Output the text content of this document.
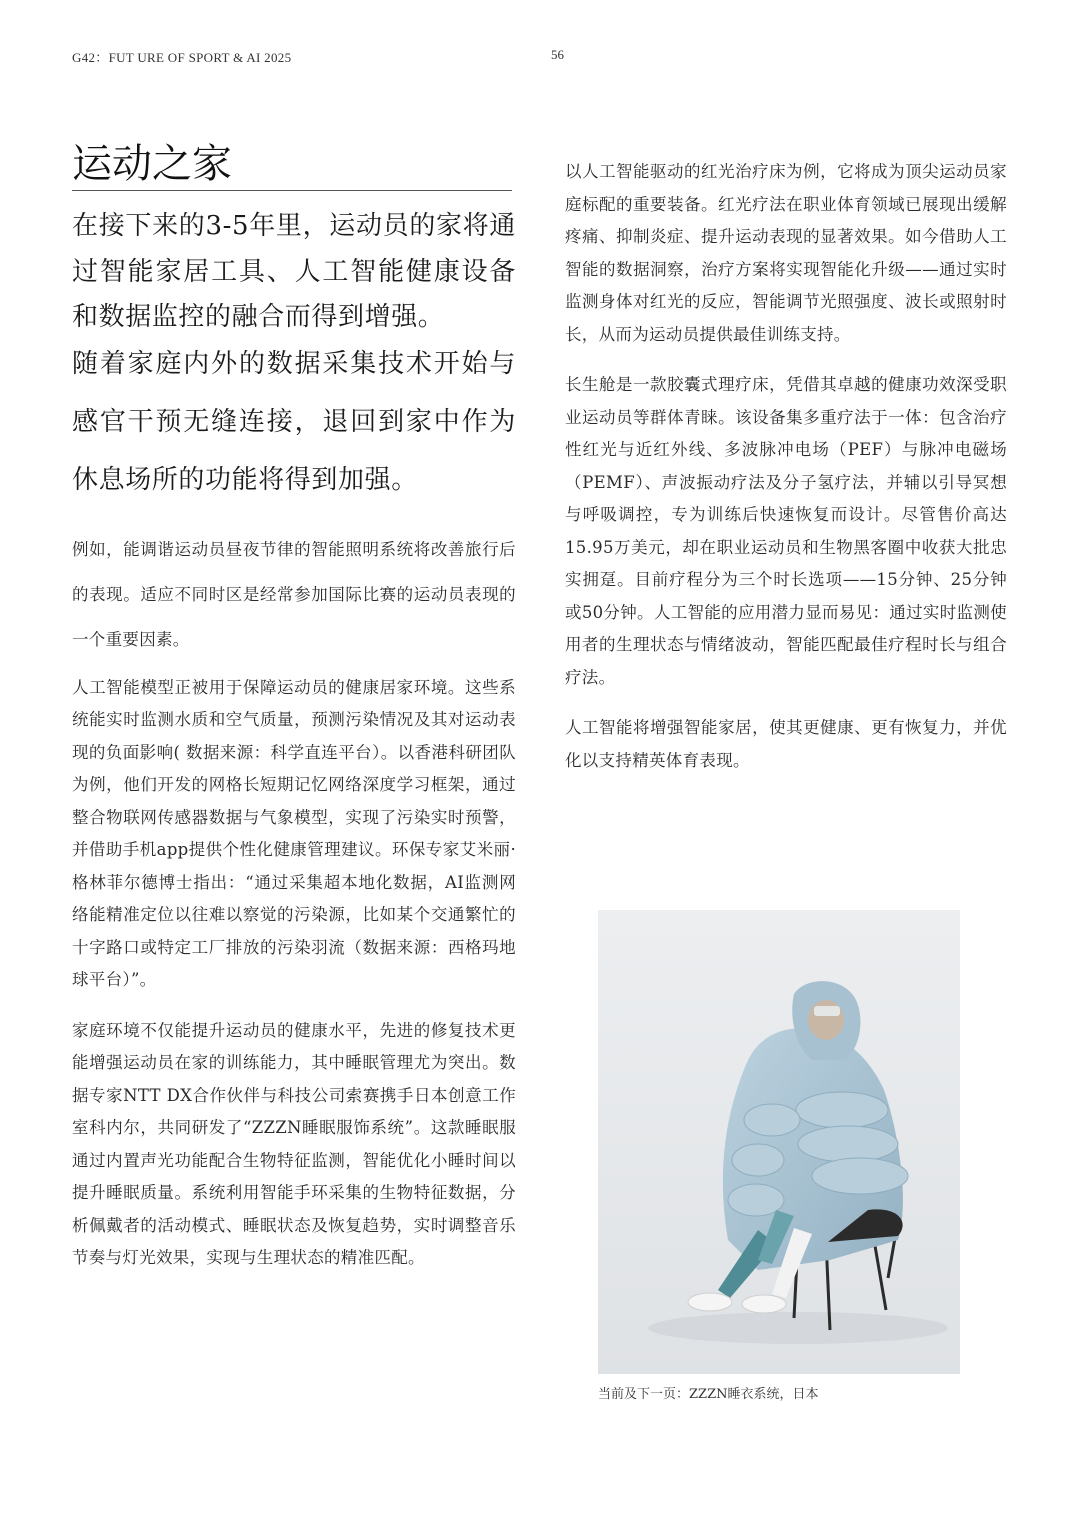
G42：FUT URE OF SPORT & AI 2025	56
运动之家

在接下来的3-5年里，运动员的家将通过智能家居工具、人工智能健康设备和数据监控的融合而得到增强。

随着家庭内外的数据采集技术开始与感官干预无缝连接，退回到家中作为休息场所的功能将得到加强。

例如，能调谐运动员昼夜节律的智能照明系统将改善旅行后的表现。适应不同时区是经常参加国际比赛的运动员表现的一个重要因素。

人工智能模型正被用于保障运动员的健康居家环境。这些系统能实时监测水质和空气质量，预测污染情况及其对运动表现的负面影响( 数据来源：科学直连平台）。以香港科研团队为例，他们开发的网格长短期记忆网络深度学习框架，通过整合物联网传感器数据与气象模型，实现了污染实时预警，并借助手机app提供个性化健康管理建议。环保专家艾米丽·格林菲尔德博士指出：“通过采集超本地化数据，AI监测网络能精准定位以往难以察觉的污染源，比如某个交通繁忙的十字路口或特定工厂排放的污染羽流（数据来源：西格玛地球平台）”。

家庭环境不仅能提升运动员的健康水平，先进的修复技术更能增强运动员在家的训练能力，其中睡眠管理尤为突出。数据专家NTT DX合作伙伴与科技公司索赛携手日本创意工作室科内尔，共同研发了“ZZZN睡眠服饰系统”。这款睡眠服通过内置声光功能配合生物特征监测，智能优化小睡时间以提升睡眠质量。系统利用智能手环采集的生物特征数据，分析佩戴者的活动模式、睡眠状态及恢复趋势，实时调整音乐节奏与灯光效果，实现与生理状态的精准匹配。

以人工智能驱动的红光治疗床为例，它将成为顶尖运动员家庭标配的重要装备。红光疗法在职业体育领域已展现出缓解疼痛、抑制炎症、提升运动表现的显著效果。如今借助人工智能的数据洞察，治疗方案将实现智能化升级——通过实时监测身体对红光的反应，智能调节光照强度、波长或照射时长，从而为运动员提供最佳训练支持。

长生舱是一款胶囊式理疗床，凭借其卓越的健康功效深受职业运动员等群体青睐。该设备集多重疗法于一体：包含治疗性红光与近红外线、多波脉冲电场（PEF）与脉冲电磁场（PEMF）、声波振动疗法及分子氢疗法，并辅以引导冥想与呼吸调控，专为训练后快速恢复而设计。尽管售价高达15.95万美元，却在职业运动员和生物黑客圈中收获大批忠实拥趸。目前疗程分为三个时长选项——15分钟、25分钟或50分钟。人工智能的应用潜力显而易见：通过实时监测使用者的生理状态与情绪波动，智能匹配最佳疗程时长与组合疗法。

人工智能将增强智能家居，使其更健康、更有恢复力，并优化以支持精英体育表现。

当前及下一页：ZZZN睡衣系统，日本
